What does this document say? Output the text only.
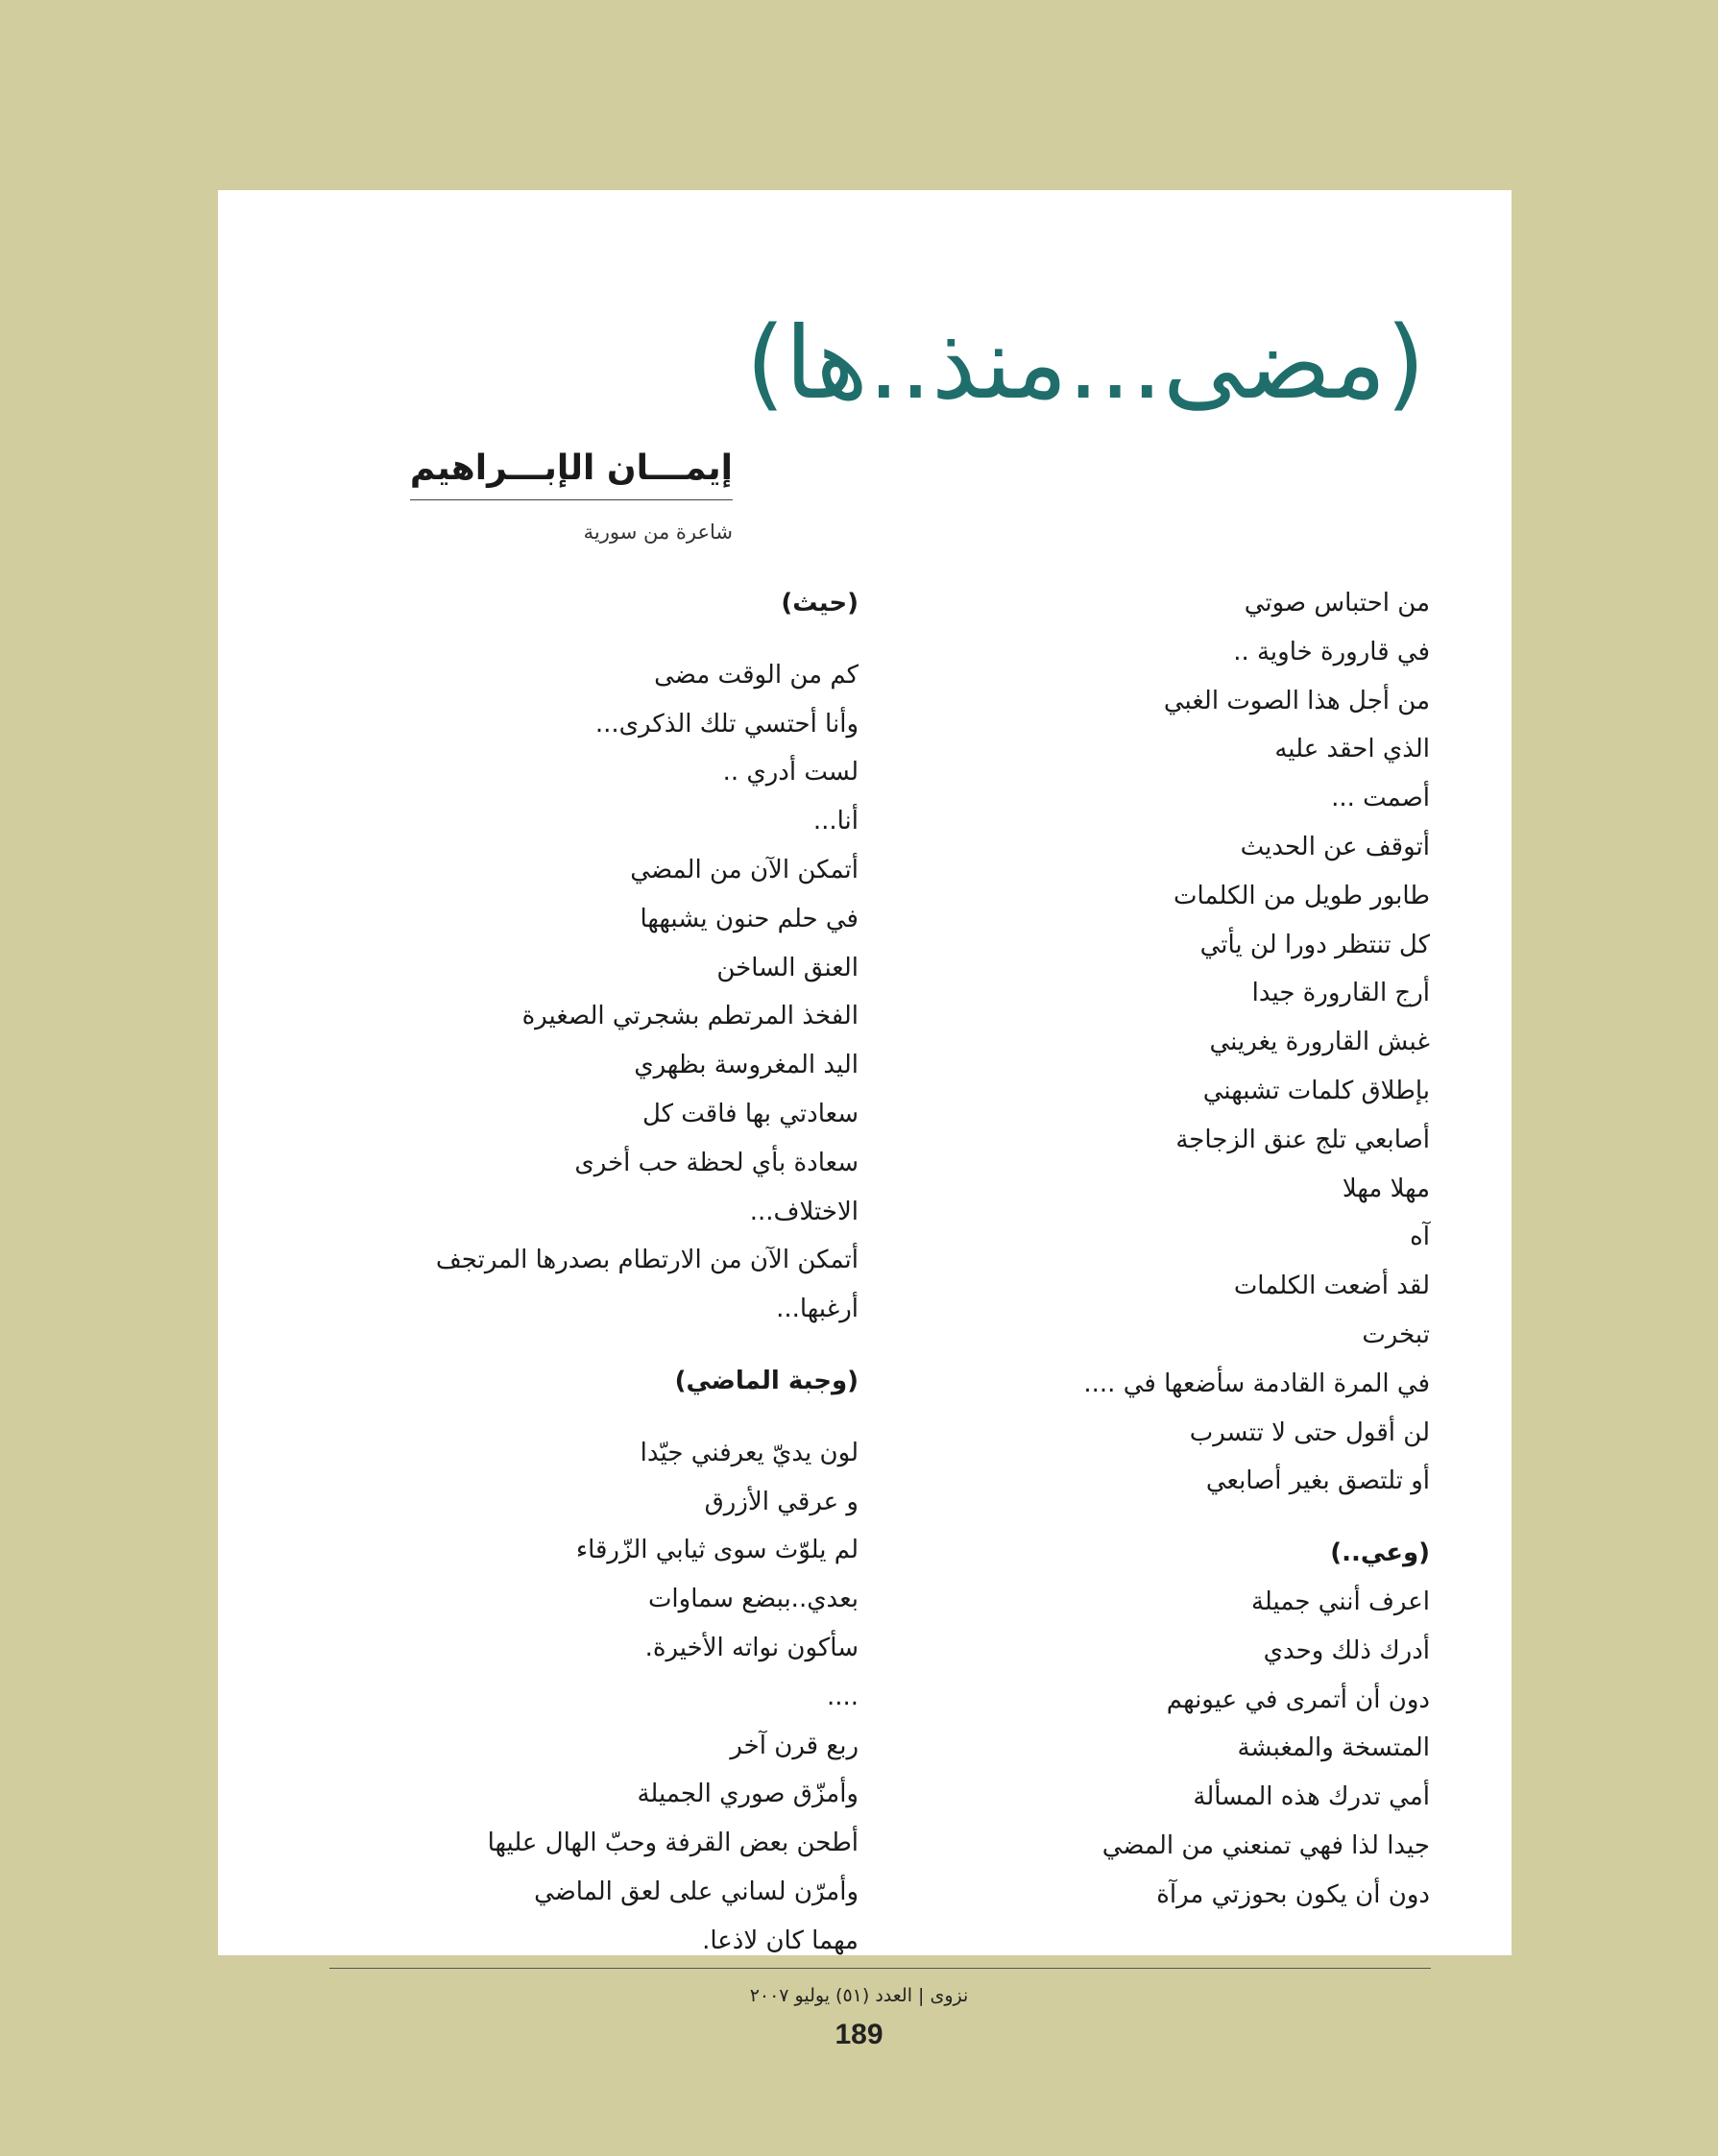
(مضى...منذ..ها)
إيمـــان الإبـــراهيم
شاعرة من سورية
من احتباس صوتي
في قارورة خاوية ..
من أجل هذا الصوت الغبي
الذي احقد عليه
أصمت ...
أتوقف عن الحديث
طابور طويل من الكلمات
كل تنتظر دورا لن يأتي
أرج القارورة جيدا
غبش القارورة يغريني
بإطلاق كلمات تشبهني
أصابعي تلج عنق الزجاجة
مهلا مهلا
آه
لقد أضعت الكلمات
تبخرت
في المرة القادمة سأضعها في ....
لن أقول حتى لا تتسرب
أو تلتصق بغير أصابعي
(وعي..)
اعرف أنني جميلة
أدرك ذلك وحدي
دون أن أتمرى في عيونهم
المتسخة والمغبشة
أمي تدرك هذه المسألة
جيدا لذا فهي تمنعني من المضي
دون أن يكون بحوزتي مرآة
(حيث)
كم من الوقت مضى
وأنا أحتسي تلك الذكرى...
لست أدري ..
أنا...
أتمكن الآن من المضي
في حلم حنون يشبهها
العنق الساخن
الفخذ المرتطم بشجرتي الصغيرة
اليد المغروسة بظهري
سعادتي بها فاقت كل
سعادة بأي لحظة حب أخرى
الاختلاف...
أتمكن الآن من الارتطام بصدرها المرتجف
أرغبها...
(وجبة الماضي)
لون يديّ يعرفني جيّدا
و عرقي الأزرق
لم يلوّث سوى ثيابي الزّرقاء
بعدي..ببضع سماوات
سأكون نواته الأخيرة.
....
ربع قرن آخر
وأمزّق صوري الجميلة
أطحن بعض القرفة وحبّ الهال عليها
وأمرّن لساني على لعق الماضي
مهما كان لاذعا.
نزوى | العدد (٥١) يوليو ٢٠٠٧
189
